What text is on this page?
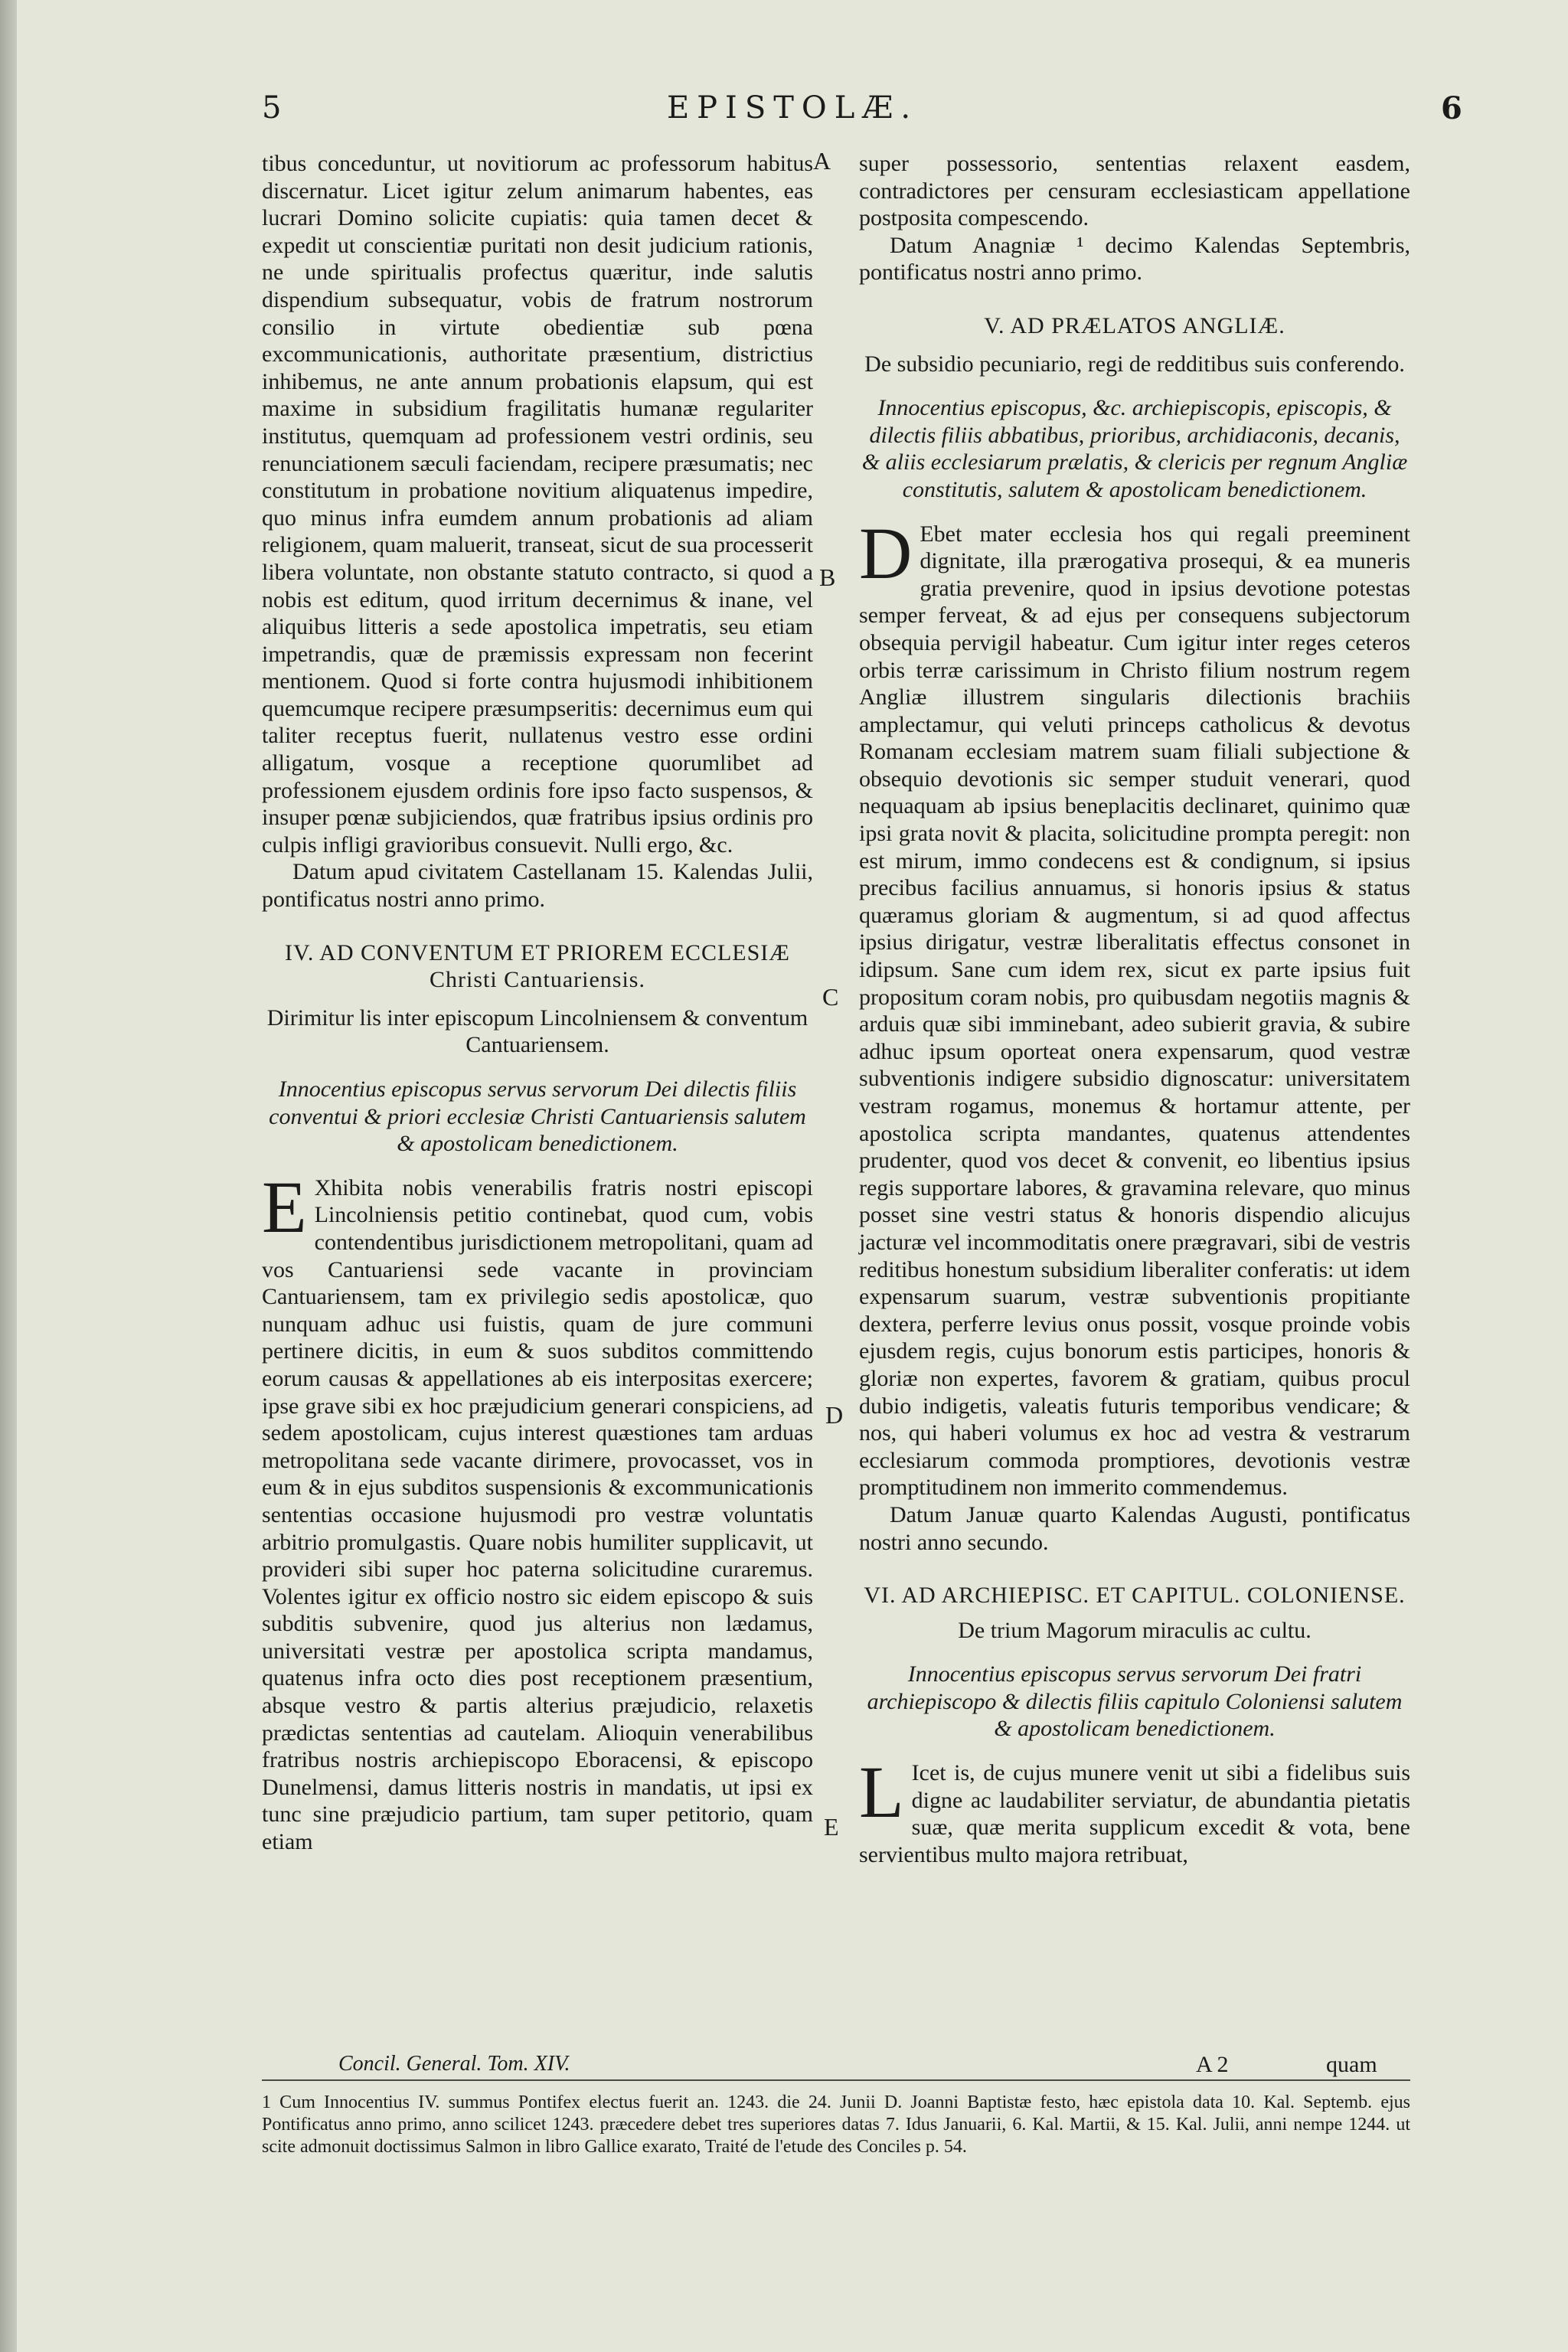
5	EPISTOLÆ.	6
A
B
C
D
E

tibus conceduntur, ut novitiorum ac professorum habitus discernatur. Licet igitur zelum animarum habentes, eas lucrari Domino solicite cupiatis: quia tamen decet & expedit ut conscientiæ puritati non desit judicium rationis, ne unde spiritualis profectus quæritur, inde salutis dispendium subsequatur, vobis de fratrum nostrorum consilio in virtute obedientiæ sub pœna excommunicationis, authoritate præsentium, districtius inhibemus, ne ante annum probationis elapsum, qui est maxime in subsidium fragilitatis humanæ regulariter institutus, quemquam ad professionem vestri ordinis, seu renunciationem sæculi faciendam, recipere præsumatis; nec constitutum in probatione novitium aliquatenus impedire, quo minus infra eumdem annum probationis ad aliam religionem, quam maluerit, transeat, sicut de sua processerit libera voluntate, non obstante statuto contracto, si quod a nobis est editum, quod irritum decernimus & inane, vel aliquibus litteris a sede apostolica impetratis, seu etiam impetrandis, quæ de præmissis expressam non fecerint mentionem. Quod si forte contra hujusmodi inhibitionem quemcumque recipere præsumpseritis: decernimus eum qui taliter receptus fuerit, nullatenus vestro esse ordini alligatum, vosque a receptione quorumlibet ad professionem ejusdem ordinis fore ipso facto suspensos, & insuper pœnæ subjiciendos, quæ fratribus ipsius ordinis pro culpis infligi gravioribus consuevit. Nulli ergo, &c.

Datum apud civitatem Castellanam 15. Kalendas Julii, pontificatus nostri anno primo.

IV. AD CONVENTUM ET PRIOREM ECCLESIÆ Christi Cantuariensis.
Dirimitur lis inter episcopum Lincolniensem & conventum Cantuariensem.
Innocentius episcopus servus servorum Dei dilectis filiis conventui & priori ecclesiæ Christi Cantuariensis salutem & apostolicam benedictionem.

E Xhibita nobis venerabilis fratris nostri episcopi Lincolniensis petitio continebat, quod cum, vobis contendentibus jurisdictionem metropolitani, quam ad vos Cantuariensi sede vacante in provinciam Cantuariensem, tam ex privilegio sedis apostolicæ, quo nunquam adhuc usi fuistis, quam de jure communi pertinere dicitis, in eum & suos subditos committendo eorum causas & appellationes ab eis interpositas exercere; ipse grave sibi ex hoc præjudicium generari conspiciens, ad sedem apostolicam, cujus interest quæstiones tam arduas metropolitana sede vacante dirimere, provocasset, vos in eum & in ejus subditos suspensionis & excommunicationis sententias occasione hujusmodi pro vestræ voluntatis arbitrio promulgastis. Quare nobis humiliter supplicavit, ut provideri sibi super hoc paterna solicitudine curaremus. Volentes igitur ex officio nostro sic eidem episcopo & suis subditis subvenire, quod jus alterius non lædamus, universitati vestræ per apostolica scripta mandamus, quatenus infra octo dies post receptionem præsentium, absque vestro & partis alterius præjudicio, relaxetis prædictas sententias ad cautelam. Alioquin venerabilibus fratribus nostris archiepiscopo Eboracensi, & episcopo Dunelmensi, damus litteris nostris in mandatis, ut ipsi ex tunc sine præjudicio partium, tam super petitorio, quam etiam

super possessorio, sententias relaxent easdem, contradictores per censuram ecclesiasticam appellatione postposita compescendo.

Datum Anagniæ ¹ decimo Kalendas Septembris, pontificatus nostri anno primo.

V. AD PRÆLATOS ANGLIÆ.
De subsidio pecuniario, regi de redditibus suis conferendo.
Innocentius episcopus, &c. archiepiscopis, episcopis, & dilectis filiis abbatibus, prioribus, archidiaconis, decanis, & aliis ecclesiarum prælatis, & clericis per regnum Angliæ constitutis, salutem & apostolicam benedictionem.

D Ebet mater ecclesia hos qui regali preeminent dignitate, illa prærogativa prosequi, & ea muneris gratia prevenire, quod in ipsius devotione potestas semper ferveat, & ad ejus per consequens subjectorum obsequia pervigil habeatur. Cum igitur inter reges ceteros orbis terræ carissimum in Christo filium nostrum regem Angliæ illustrem singularis dilectionis brachiis amplectamur, qui veluti princeps catholicus & devotus Romanam ecclesiam matrem suam filiali subjectione & obsequio devotionis sic semper studuit venerari, quod nequaquam ab ipsius beneplacitis declinaret, quinimo quæ ipsi grata novit & placita, solicitudine prompta peregit: non est mirum, immo condecens est & condignum, si ipsius precibus facilius annuamus, si honoris ipsius & status quæramus gloriam & augmentum, si ad quod affectus ipsius dirigatur, vestræ liberalitatis effectus consonet in idipsum. Sane cum idem rex, sicut ex parte ipsius fuit propositum coram nobis, pro quibusdam negotiis magnis & arduis quæ sibi imminebant, adeo subierit gravia, & subire adhuc ipsum oporteat onera expensarum, quod vestræ subventionis indigere subsidio dignoscatur: universitatem vestram rogamus, monemus & hortamur attente, per apostolica scripta mandantes, quatenus attendentes prudenter, quod vos decet & convenit, eo libentius ipsius regis supportare labores, & gravamina relevare, quo minus posset sine vestri status & honoris dispendio alicujus jacturæ vel incommoditatis onere prægravari, sibi de vestris reditibus honestum subsidium liberaliter conferatis: ut idem expensarum suarum, vestræ subventionis propitiante dextera, perferre levius onus possit, vosque proinde vobis ejusdem regis, cujus bonorum estis participes, honoris & gloriæ non expertes, favorem & gratiam, quibus procul dubio indigetis, valeatis futuris temporibus vendicare; & nos, qui haberi volumus ex hoc ad vestra & vestrarum ecclesiarum commoda promptiores, devotionis vestræ promptitudinem non immerito commendemus.

Datum Januæ quarto Kalendas Augusti, pontificatus nostri anno secundo.

VI. AD ARCHIEPISC. ET CAPITUL. COLONIENSE.
De trium Magorum miraculis ac cultu.
Innocentius episcopus servus servorum Dei fratri archiepiscopo & dilectis filiis capitulo Coloniensi salutem & apostolicam benedictionem.

L Icet is, de cujus munere venit ut sibi a fidelibus suis digne ac laudabiliter serviatur, de abundantia pietatis suæ, quæ merita supplicum excedit & vota, bene servientibus multo majora retribuat,

Concil. General. Tom. XIV.	A 2	quam
1 Cum Innocentius IV. summus Pontifex electus fuerit an. 1243. die 24. Junii D. Joanni Baptistæ festo, hæc epistola data 10. Kal. Septemb. ejus Pontificatus anno primo, anno scilicet 1243. præcedere debet tres superiores datas 7. Idus Januarii, 6. Kal. Martii, & 15. Kal. Julii, anni nempe 1244. ut scite admonuit doctissimus Salmon in libro Gallice exarato, Traité de l'etude des Conciles p. 54.
